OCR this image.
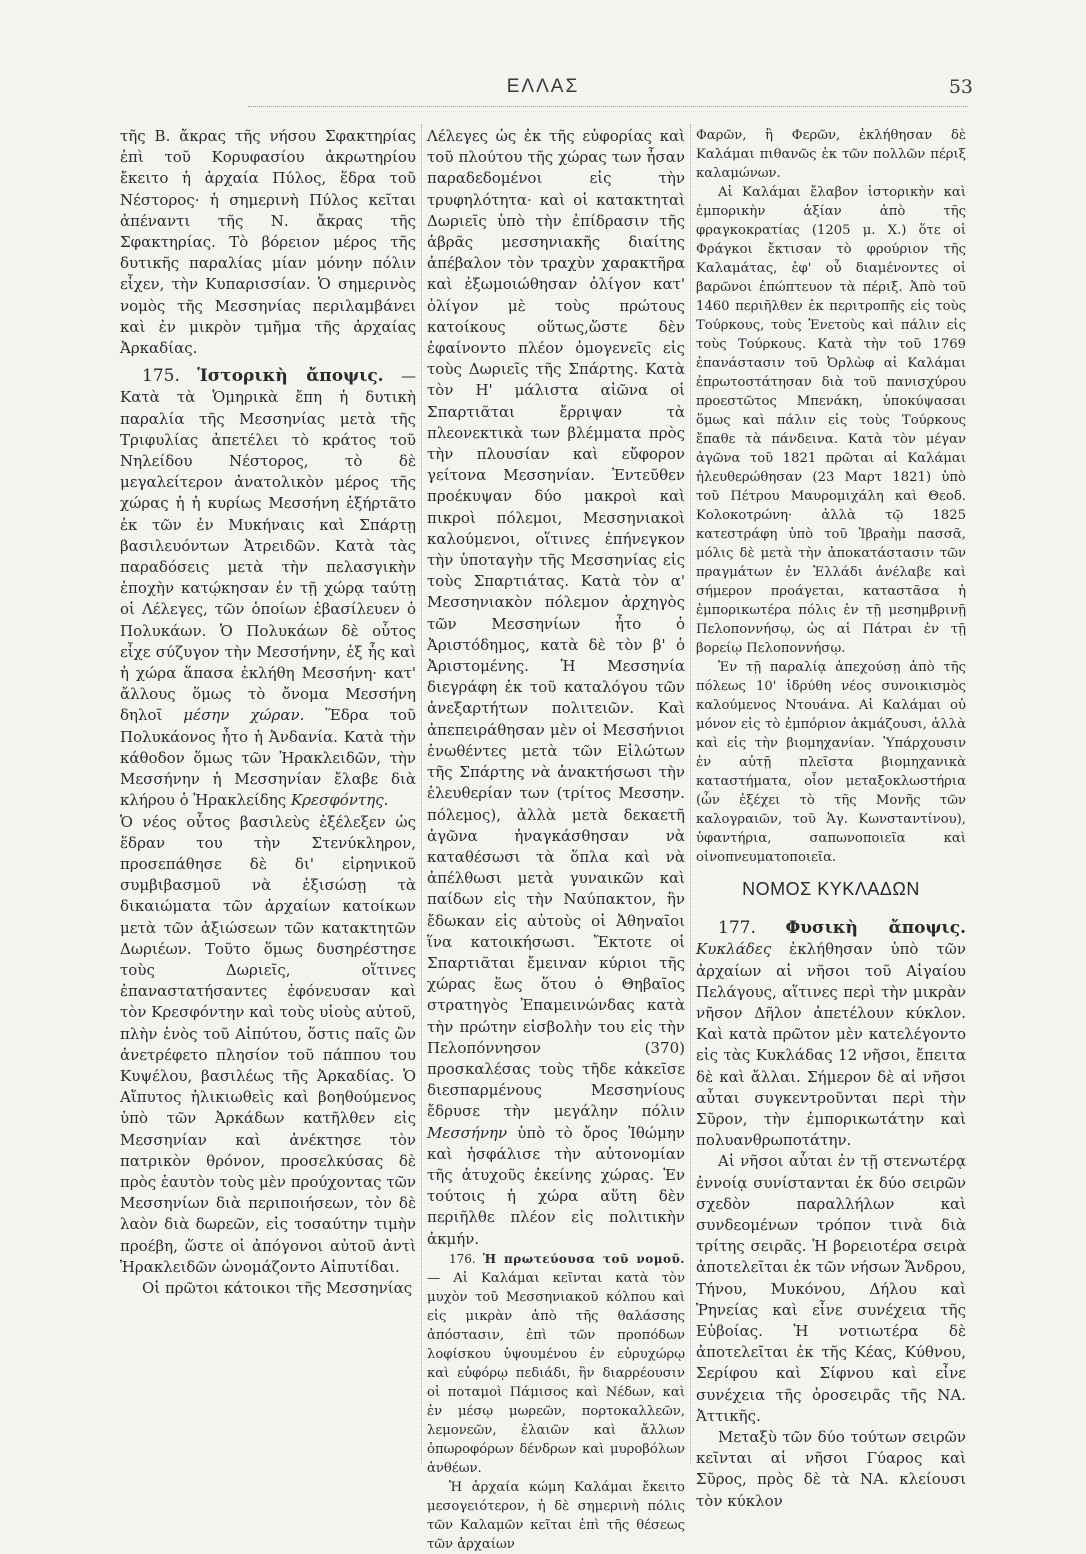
ΕΛΛΑΣ	53

τῆς Β. ἄκρας τῆς νήσου Σφακτηρίας ἐπὶ τοῦ Κορυφασίου ἀκρωτηρίου ἔκειτο ἡ ἀρχαία Πύλος, ἕδρα τοῦ Νέστορος· ἡ σημερινὴ Πύλος κεῖται ἀπέναντι τῆς Ν. ἄκρας τῆς Σφακτηρίας. Τὸ βόρειον μέρος τῆς δυτικῆς παραλίας μίαν μόνην πόλιν εἶχεν, τὴν Κυπαρισσίαν. Ὁ σημερινὸς νομὸς τῆς Μεσσηνίας περιλαμβάνει καὶ ἐν μικρὸν τμῆμα τῆς ἀρχαίας Ἀρκαδίας.

175. Ἱστορικὴ ἄποψις. — Κατὰ τὰ Ὁμηρικὰ ἔπη ἡ δυτικὴ παραλία τῆς Μεσσηνίας μετὰ τῆς Τριφυλίας ἀπετέλει τὸ κράτος τοῦ Νηλείδου Νέστορος, τὸ δὲ μεγαλείτερον ἀνατολικὸν μέρος τῆς χώρας ἡ ἡ κυρίως Μεσσήνη ἐξήρτᾶτο ἐκ τῶν ἐν Μυκήναις καὶ Σπάρτῃ βασιλευόντων Ἀτρειδῶν. Κατὰ τὰς παραδόσεις μετὰ τὴν πελασγικὴν ἐποχὴν κατῴκησαν ἐν τῇ χώρᾳ ταύτῃ οἱ Λέλεγες, τῶν ὁποίων ἐβασίλευεν ὁ Πολυκάων. Ὁ Πολυκάων δὲ οὗτος εἶχε σύζυγον τὴν Μεσσήνην, ἐξ ἧς καὶ ἡ χώρα ἅπασα ἐκλήθη Μεσσήνη· κατ' ἄλλους ὅμως τὸ ὄνομα Μεσσήνη δηλοῖ μέσην χώραν. Ἕδρα τοῦ Πολυκάονος ἦτο ἡ Ἀνδανία. Κατὰ τὴν κάθοδον ὅμως τῶν Ἡρακλειδῶν, τὴν Μεσσήνην ἡ Μεσσηνίαν ἔλαβε διὰ κλήρου ὁ Ἡρακλείδης Κρεσφόντης.

Ὁ νέος οὗτος βασιλεὺς ἐξέλεξεν ὡς ἕδραν του τὴν Στενύκληρον, προσεπάθησε δὲ δι' εἰρηνικοῦ συμβιβασμοῦ νὰ ἐξισώσῃ τὰ δικαιώματα τῶν ἀρχαίων κατοίκων μετὰ τῶν ἀξιώσεων τῶν κατακτητῶν Δωριέων. Τοῦτο ὅμως δυσηρέστησε τοὺς Δωριεῖς, οἵτινες ἐπαναστατήσαντες ἐφόνευσαν καὶ τὸν Κρεσφόντην καὶ τοὺς υἱοὺς αὐτοῦ, πλὴν ἑνὸς τοῦ Αἰπύτου, ὅστις παῖς ὢν ἀνετρέφετο πλησίον τοῦ πάππου του Κυψέλου, βασιλέως τῆς Ἀρκαδίας. Ὁ Αἴπυτος ἡλικιωθεὶς καὶ βοηθούμενος ὑπὸ τῶν Ἀρκάδων κατῆλθεν εἰς Μεσσηνίαν καὶ ἀνέκτησε τὸν πατρικὸν θρόνον, προσελκύσας δὲ πρὸς ἑαυτὸν τοὺς μὲν προύχοντας τῶν Μεσσηνίων διὰ περιποιήσεων, τὸν δὲ λαὸν διὰ δωρεῶν, εἰς τοσαύτην τιμὴν προέβη, ὥστε οἱ ἀπόγονοι αὐτοῦ ἀντὶ Ἡρακλειδῶν ὠνομάζοντο Αἰπυτίδαι.

Οἱ πρῶτοι κάτοικοι τῆς Μεσσηνίας

Λέλεγες ὡς ἐκ τῆς εὐφορίας καὶ τοῦ πλούτου τῆς χώρας των ἦσαν παραδεδομένοι εἰς τὴν τρυφηλότητα· καὶ οἱ κατακτηταὶ Δωριεῖς ὑπὸ τὴν ἐπίδρασιν τῆς ἁβρᾶς μεσσηνιακῆς διαίτης ἀπέβαλον τὸν τραχὺν χαρακτῆρα καὶ ἐξωμοιώθησαν ὀλίγον κατ' ὀλίγον μὲ τοὺς πρώτους κατοίκους οὕτως,ὥστε δὲν ἐφαίνοντο πλέον ὁμογενεῖς εἰς τοὺς Δωριεῖς τῆς Σπάρτης. Κατὰ τὸν Η' μάλιστα αἰῶνα οἱ Σπαρτιᾶται ἔρριψαν τὰ πλεονεκτικὰ των βλέμματα πρὸς τὴν πλουσίαν καὶ εὔφορον γείτονα Μεσσηνίαν. Ἐντεῦθεν προέκυψαν δύο μακροὶ καὶ πικροὶ πόλεμοι, Μεσσηνιακοὶ καλούμενοι, οἵτινες ἐπήνεγκον τὴν ὑποταγὴν τῆς Μεσσηνίας εἰς τοὺς Σπαρτιάτας. Κατὰ τὸν α' Μεσσηνιακὸν πόλεμον ἀρχηγὸς τῶν Μεσσηνίων ἦτο ὁ Ἀριστόδημος, κατὰ δὲ τὸν β' ὁ Ἀριστομένης. Ἡ Μεσσηνία διεγράφη ἐκ τοῦ καταλόγου τῶν ἀνεξαρτήτων πολιτειῶν. Καὶ ἀπεπειράθησαν μὲν οἱ Μεσσήνιοι ἑνωθέντες μετὰ τῶν Εἱλώτων τῆς Σπάρτης νὰ ἀνακτήσωσι τὴν ἐλευθερίαν των (τρίτος Μεσσην. πόλεμος), ἀλλὰ μετὰ δεκαετῆ ἀγῶνα ἠναγκάσθησαν νὰ καταθέσωσι τὰ ὅπλα καὶ νὰ ἀπέλθωσι μετὰ γυναικῶν καὶ παίδων εἰς τὴν Ναύπακτον, ἣν ἔδωκαν εἰς αὐτοὺς οἱ Ἀθηναῖοι ἵνα κατοικήσωσι. Ἔκτοτε οἱ Σπαρτιᾶται ἔμειναν κύριοι τῆς χώρας ἕως ὅτου ὁ Θηβαῖος στρατηγὸς Ἐπαμεινώνδας κατὰ τὴν πρώτην εἰσβολὴν του εἰς τὴν Πελοπόννησον (370) προσκαλέσας τοὺς τῆδε κἀκεῖσε διεσπαρμένους Μεσσηνίους ἔδρυσε τὴν μεγάλην πόλιν Μεσσήνην ὑπὸ τὸ ὄρος Ἰθώμην καὶ ἠσφάλισε τὴν αὐτονομίαν τῆς ἀτυχοῦς ἐκείνης χώρας. Ἐν τούτοις ἡ χώρα αὕτη δὲν περιῆλθε πλέον εἰς πολιτικὴν ἀκμήν.

176. Ἡ πρωτεύουσα τοῦ νομοῦ.— Αἱ Καλάμαι κεῖνται κατὰ τὸν μυχὸν τοῦ Μεσσηνιακοῦ κόλπου καὶ εἰς μικρὰν ἀπὸ τῆς θαλάσσης ἀπόστασιν, ἐπὶ τῶν προπόδων λοφίσκου ὑψουμένου ἐν εὐρυχώρῳ καὶ εὐφόρῳ πεδιάδι, ἣν διαρρέουσιν οἱ ποταμοὶ Πάμισος καὶ Νέδων, καὶ ἐν μέσῳ μωρεῶν, πορτοκαλλεῶν, λεμονεῶν, ἐλαιῶν καὶ ἄλλων ὀπωροφόρων δένδρων καὶ μυροβόλων ἀνθέων.

Ἡ ἀρχαία κώμη Καλάμαι ἔκειτο μεσογειότερον, ἡ δὲ σημερινὴ πόλις τῶν Καλαμῶν κεῖται ἐπὶ τῆς θέσεως τῶν ἀρχαίων

Φαρῶν, ἢ Φερῶν, ἐκλήθησαν δὲ Καλάμαι πιθανῶς ἐκ τῶν πολλῶν πέριξ καλαμώνων.

Αἱ Καλάμαι ἔλαβον ἱστορικὴν καὶ ἐμπορικὴν ἀξίαν ἀπὸ τῆς φραγκοκρατίας (1205 μ. Χ.) ὅτε οἱ Φράγκοι ἔκτισαν τὸ φρούριον τῆς Καλαμάτας, ἐφ' οὗ διαμένοντες οἱ βαρῶνοι ἐπώπτευον τὰ πέριξ. Ἀπὸ τοῦ 1460 περιῆλθεν ἐκ περιτροπῆς εἰς τοὺς Τούρκους, τοὺς Ἐνετοὺς καὶ πάλιν εἰς τοὺς Τούρκους. Κατὰ τὴν τοῦ 1769 ἐπανάστασιν τοῦ Ὀρλὼφ αἱ Καλάμαι ἐπρωτοστάτησαν διὰ τοῦ πανισχύρου προεστῶτος Μπενάκη, ὑποκύψασαι ὅμως καὶ πάλιν εἰς τοὺς Τούρκους ἔπαθε τὰ πάνδεινα. Κατὰ τὸν μέγαν ἀγῶνα τοῦ 1821 πρῶται αἱ Καλάμαι ἠλευθερώθησαν (23 Μαρτ 1821) ὑπὸ τοῦ Πέτρου Μαυρομιχάλη καὶ Θεοδ. Κολοκοτρώνη· ἀλλὰ τῷ 1825 κατεστράφη ὑπὸ τοῦ Ἰβραὴμ πασσᾶ, μόλις δὲ μετὰ τὴν ἀποκατάστασιν τῶν πραγμάτων ἐν Ἑλλάδι ἀνέλαβε καὶ σήμερον προάγεται, καταστᾶσα ἡ ἐμπορικωτέρα πόλις ἐν τῇ μεσημβρινῇ Πελοποννήσῳ, ὡς αἱ Πάτραι ἐν τῇ βορείῳ Πελοποννήσῳ.

Ἐν τῇ παραλίᾳ ἀπεχούσῃ ἀπὸ τῆς πόλεως 10' ἱδρύθη νέος συνοικισμὸς καλούμενος Ντουάνα. Αἱ Καλάμαι οὐ μόνον εἰς τὸ ἐμπόριον ἀκμάζουσι, ἀλλὰ καὶ εἰς τὴν βιομηχανίαν. Ὑπάρχουσιν ἐν αὐτῇ πλεῖστα βιομηχανικὰ καταστήματα, οἷον μεταξοκλωστήρια (ὧν ἐξέχει τὸ τῆς Μονῆς τῶν καλογραιῶν, τοῦ Ἁγ. Κωνσταντίνου), ὑφαντήρια, σαπωνοποιεῖα καὶ οἰνοπνευματοποιεῖα.

ΝΟΜΟΣ ΚΥΚΛΑΔΩΝ

177. Φυσικὴ ἄποψις. Κυκλάδες ἐκλήθησαν ὑπὸ τῶν ἀρχαίων αἱ νῆσοι τοῦ Αἰγαίου Πελάγους, αἵτινες περὶ τὴν μικρὰν νῆσον Δῆλον ἀπετέλουν κύκλον. Καὶ κατὰ πρῶτον μὲν κατελέγοντο εἰς τὰς Κυκλάδας 12 νῆσοι, ἔπειτα δὲ καὶ ἄλλαι. Σήμερον δὲ αἱ νῆσοι αὗται συγκεντροῦνται περὶ τὴν Σῦρον, τὴν ἐμπορικωτάτην καὶ πολυανθρωποτάτην.

Αἱ νῆσοι αὗται ἐν τῇ στενωτέρᾳ ἐννοίᾳ συνίστανται ἐκ δύο σειρῶν σχεδὸν παραλλήλων καὶ συνδεομένων τρόπον τινὰ διὰ τρίτης σειρᾶς. Ἡ βορειοτέρα σειρὰ ἀποτελεῖται ἐκ τῶν νήσων Ἄνδρου, Τήνου, Μυκόνου, Δήλου καὶ Ῥηνείας καὶ εἶνε συνέχεια τῆς Εὐβοίας. Ἡ νοτιωτέρα δὲ ἀποτελεῖται ἐκ τῆς Κέας, Κύθνου, Σερίφου καὶ Σίφνου καὶ εἶνε συνέχεια τῆς ὀροσειρᾶς τῆς ΝΑ. Ἀττικῆς.

Μεταξὺ τῶν δύο τούτων σειρῶν κεῖνται αἱ νῆσοι Γύαρος καὶ Σῦρος, πρὸς δὲ τὰ ΝΑ. κλείουσι τὸν κύκλον
